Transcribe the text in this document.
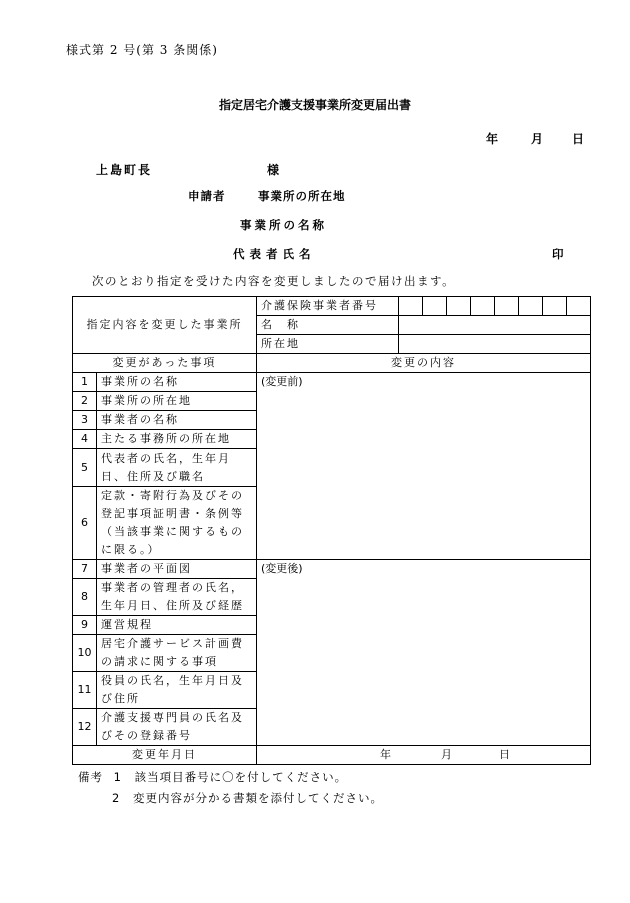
様式第 2 号(第 3 条関係)
指定居宅介護支援事業所変更届出書
年	月 日
上島町長	様
申請者	事業所の所在地
事業所の名称
代表者氏名	印
次のとおり指定を受けた内容を変更しましたので届け出ます。
指定内容を変更した事業所		介護保険事業者番号								
		名　称								
		所在地								
変更があった事項		変更の内容								
1	事業所の名称	(変更前)								
2	事業所の所在地									
3	事業者の名称									
4	主たる事務所の所在地									
5	代表者の氏名，生年月日、住所及び職名									
6	定款・寄附行為及びその登記事項証明書・条例等（当該事業に関するものに限る。）									
7	事業者の平面図	(変更後)								
8	事業者の管理者の氏名，生年月日、住所及び経歴									
9	運営規程									
10	居宅介護サービス計画費の請求に関する事項									
11	役員の氏名，生年月日及び住所									
12	介護支援専門員の氏名及びその登録番号									
変更年月日		年 月 日								
備考 1 該当項目番号に〇を付してください。
2 変更内容が分かる書類を添付してください。
